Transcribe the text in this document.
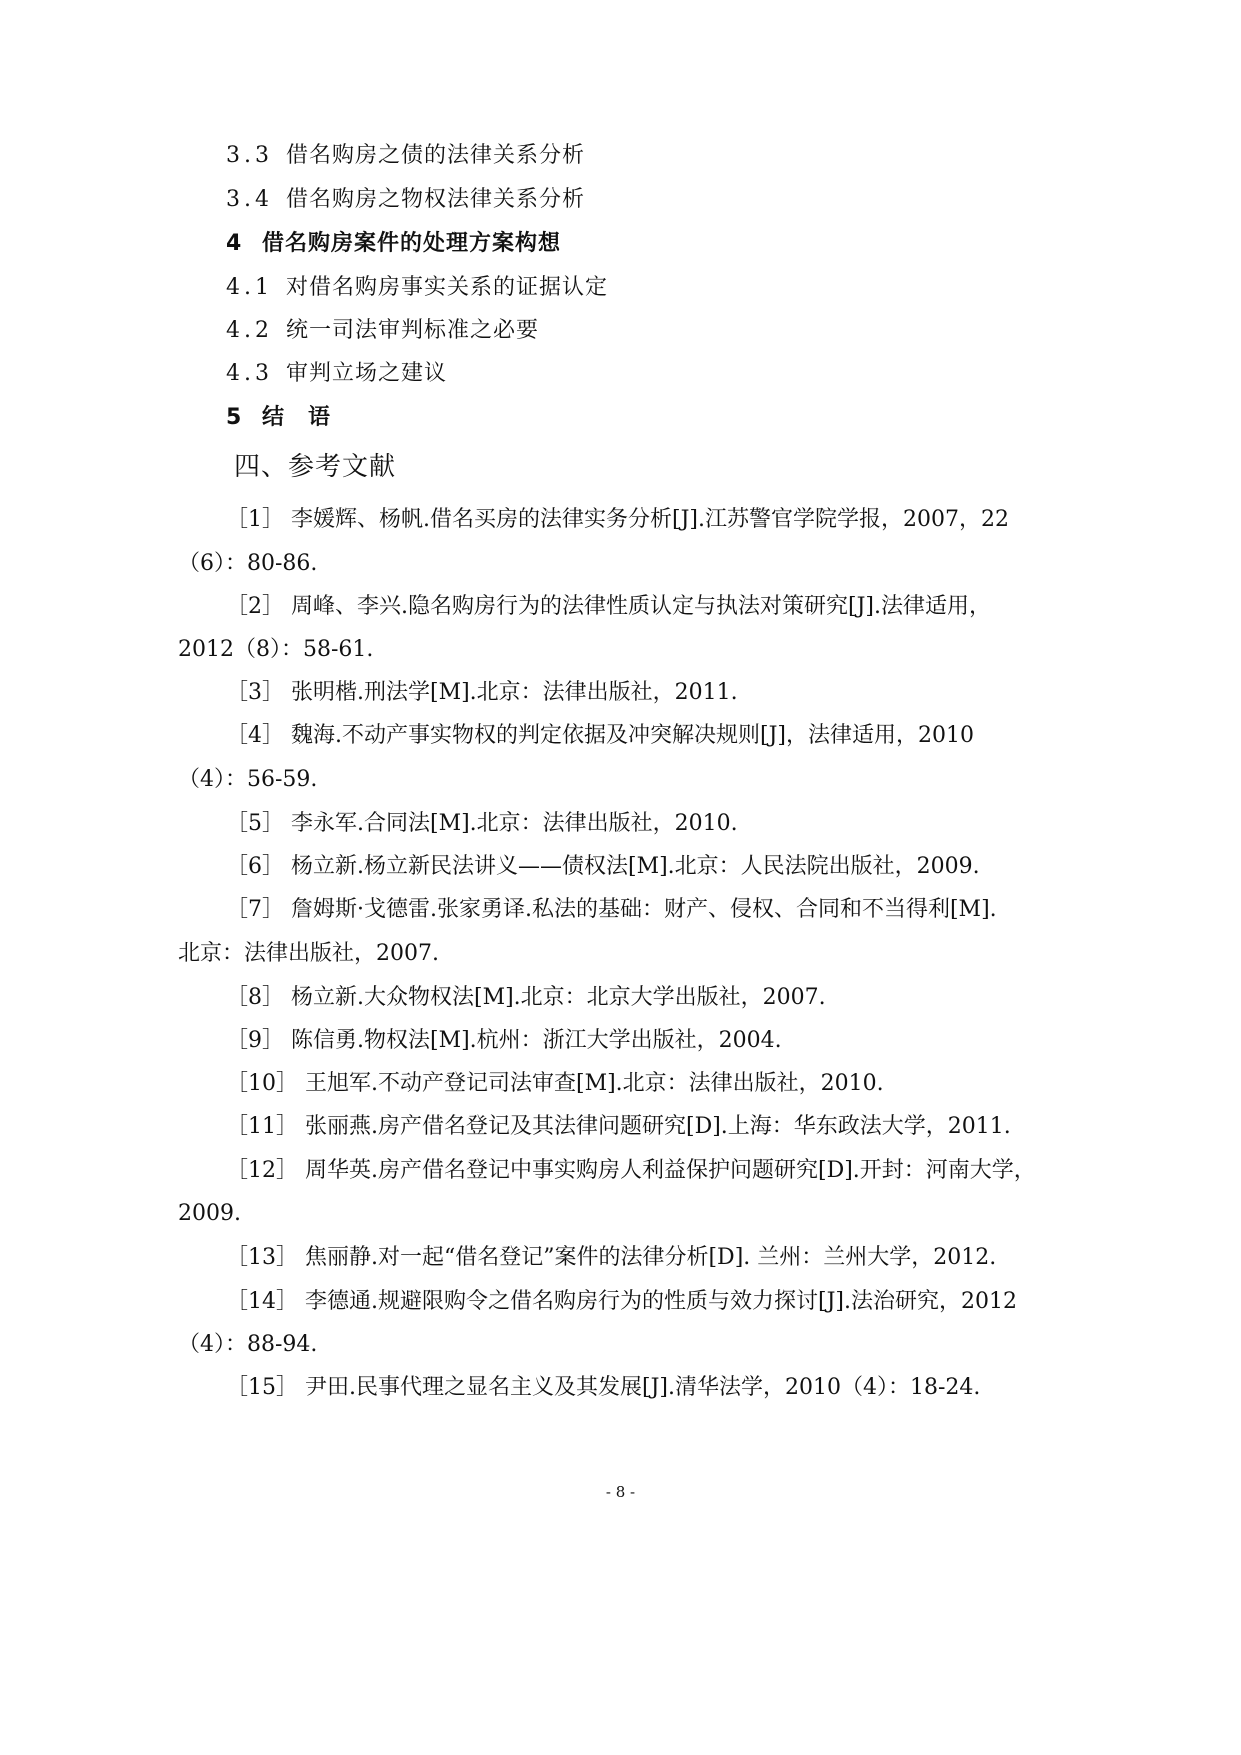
3.3 借名购房之债的法律关系分析
3.4 借名购房之物权法律关系分析
4 借名购房案件的处理方案构想
4.1 对借名购房事实关系的证据认定
4.2 统一司法审判标准之必要
4.3 审判立场之建议
5 结　语
四、参考文献
［1］ 李媛辉、杨帆.借名买房的法律实务分析[J].江苏警官学院学报，2007，22
（6）：80-86.
［2］ 周峰、李兴.隐名购房行为的法律性质认定与执法对策研究[J].法律适用，
2012（8）：58-61.
［3］ 张明楷.刑法学[M].北京：法律出版社，2011.
［4］ 魏海.不动产事实物权的判定依据及冲突解决规则[J]，法律适用，2010
（4）：56-59.
［5］ 李永军.合同法[M].北京：法律出版社，2010.
［6］ 杨立新.杨立新民法讲义——债权法[M].北京：人民法院出版社，2009.
［7］ 詹姆斯·戈德雷.张家勇译.私法的基础：财产、侵权、合同和不当得利[M].
北京：法律出版社，2007.
［8］ 杨立新.大众物权法[M].北京：北京大学出版社，2007.
［9］ 陈信勇.物权法[M].杭州：浙江大学出版社，2004.
［10］ 王旭军.不动产登记司法审查[M].北京：法律出版社，2010.
［11］ 张丽燕.房产借名登记及其法律问题研究[D].上海：华东政法大学，2011.
［12］ 周华英.房产借名登记中事实购房人利益保护问题研究[D].开封：河南大学，
2009.
［13］ 焦丽静.对一起“借名登记”案件的法律分析[D]. 兰州：兰州大学，2012.
［14］ 李德通.规避限购令之借名购房行为的性质与效力探讨[J].法治研究，2012
（4）：88-94.
［15］ 尹田.民事代理之显名主义及其发展[J].清华法学，2010（4）：18-24.
- 8 -
